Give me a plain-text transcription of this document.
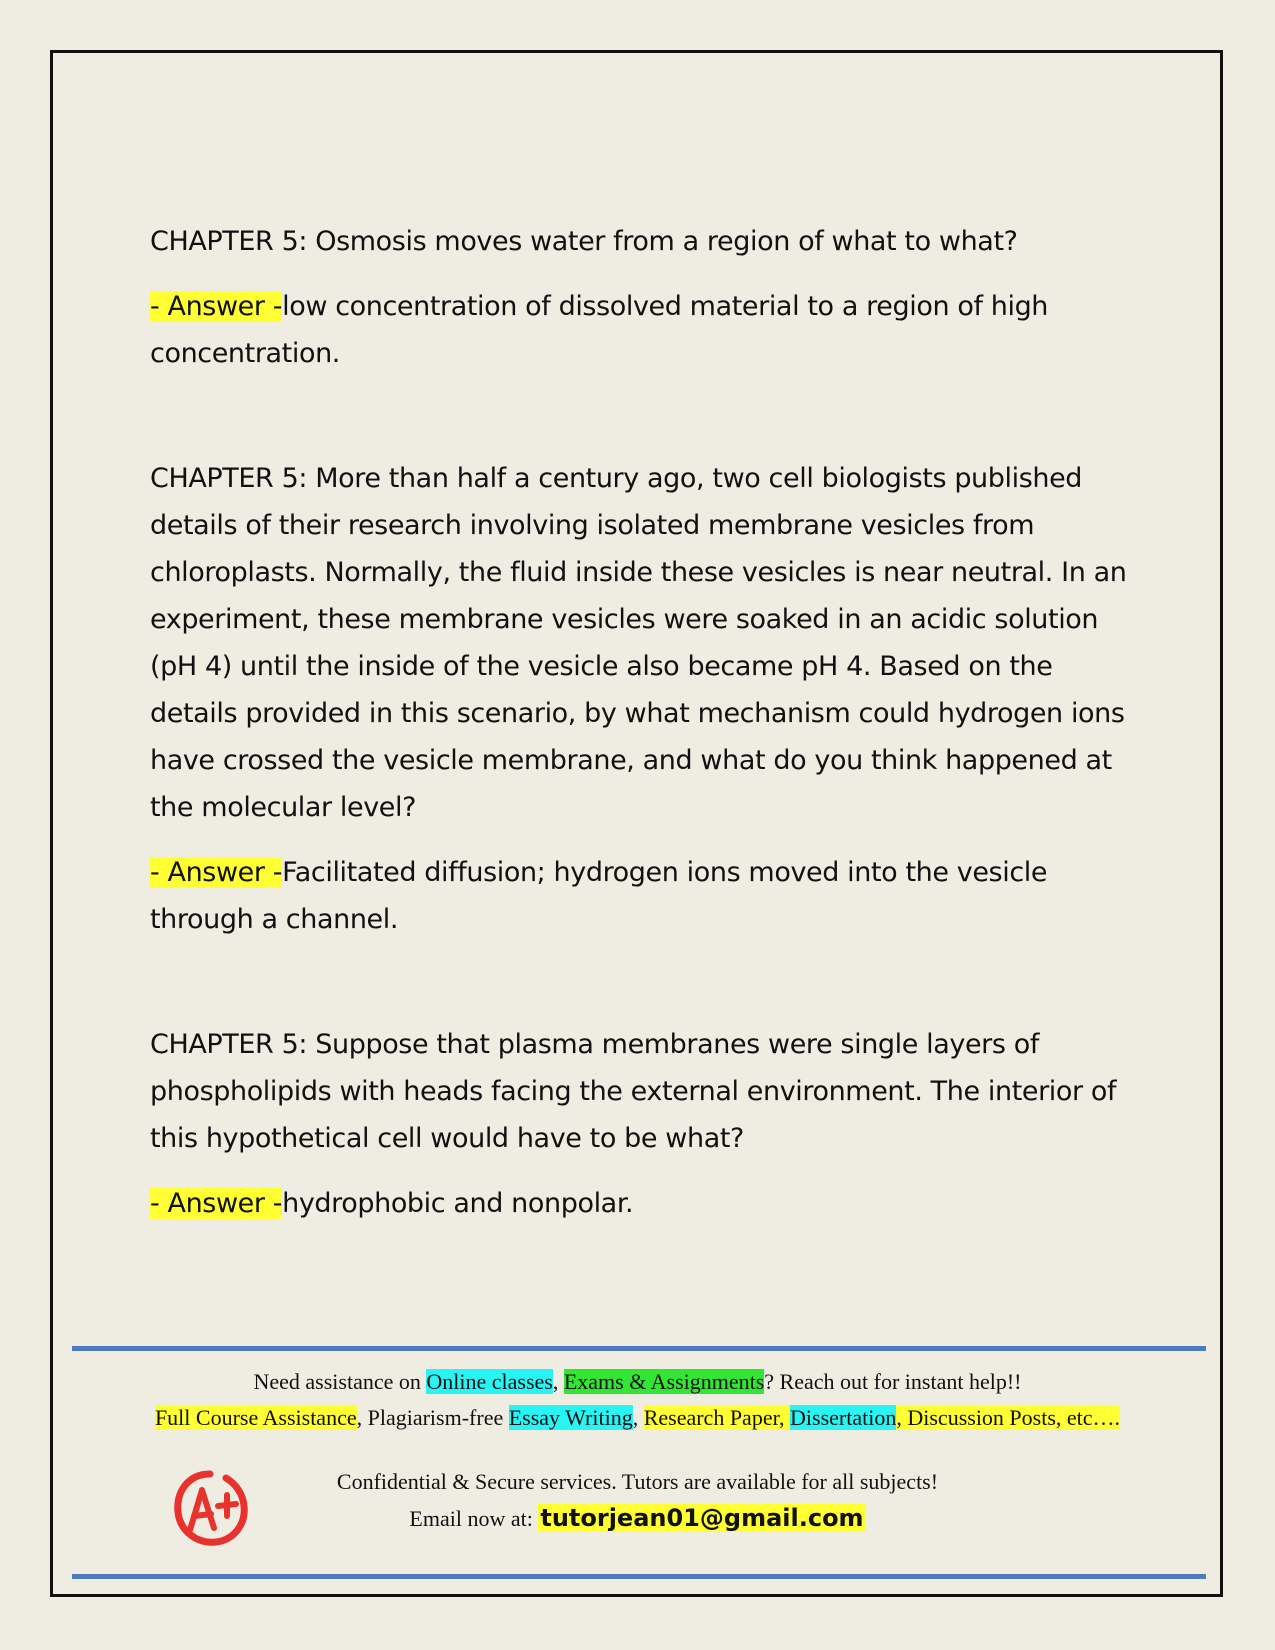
CHAPTER 5: Osmosis moves water from a region of what to what?

- Answer -low concentration of dissolved material to a region of high concentration.

CHAPTER 5: More than half a century ago, two cell biologists published details of their research involving isolated membrane vesicles from chloroplasts. Normally, the fluid inside these vesicles is near neutral. In an experiment, these membrane vesicles were soaked in an acidic solution (pH 4) until the inside of the vesicle also became pH 4. Based on the details provided in this scenario, by what mechanism could hydrogen ions have crossed the vesicle membrane, and what do you think happened at the molecular level?

- Answer -Facilitated diffusion; hydrogen ions moved into the vesicle through a channel.

CHAPTER 5: Suppose that plasma membranes were single layers of phospholipids with heads facing the external environment. The interior of this hypothetical cell would have to be what?

- Answer -hydrophobic and nonpolar.

Need assistance on Online classes, Exams & Assignments? Reach out for instant help!!
Full Course Assistance, Plagiarism-free Essay Writing, Research Paper, Dissertation, Discussion Posts, etc….
Confidential & Secure services. Tutors are available for all subjects!
Email now at: tutorjean01@gmail.com
A+
